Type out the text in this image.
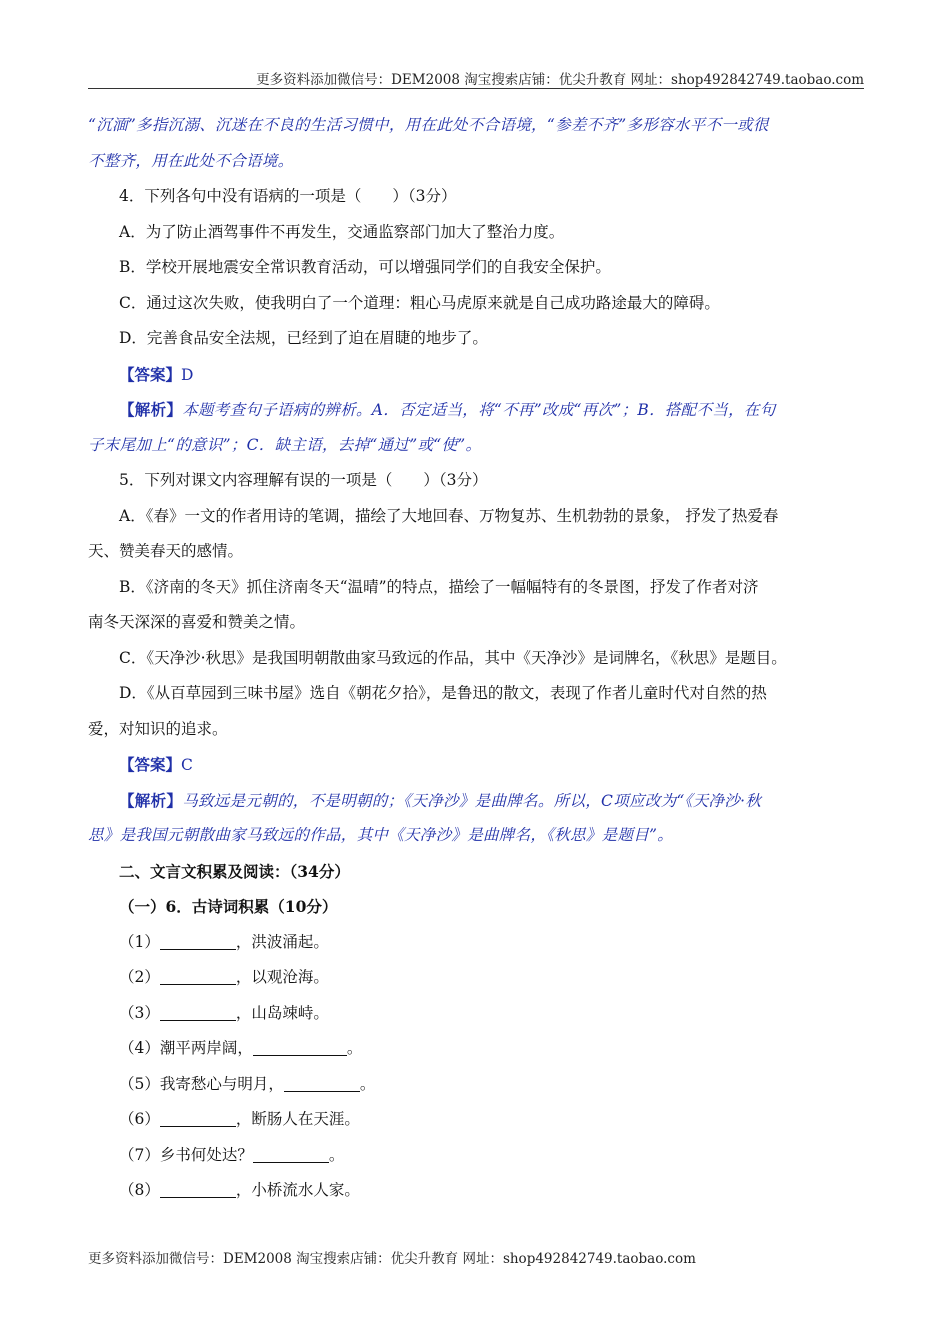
更多资料添加微信号：DEM2008 淘宝搜索店铺：优尖升教育 网址：shop492842749.taobao.com
“沉湎”多指沉溺、沉迷在不良的生活习惯中，用在此处不合语境，“参差不齐”多形容水平不一或很
不整齐，用在此处不合语境。
4．下列各句中没有语病的一项是（　　）（3分）
A．为了防止酒驾事件不再发生，交通监察部门加大了整治力度。
B．学校开展地震安全常识教育活动，可以增强同学们的自我安全保护。
C．通过这次失败，使我明白了一个道理：粗心马虎原来就是自己成功路途最大的障碍。
D．完善食品安全法规，已经到了迫在眉睫的地步了。
【答案】D
【解析】本题考查句子语病的辨析。A．否定适当，将“不再”改成“再次”；B．搭配不当，在句
子末尾加上“的意识”；C．缺主语，去掉“通过”或“使”。
5．下列对课文内容理解有误的一项是（　　）（3分）
A．《春》一文的作者用诗的笔调，描绘了大地回春、万物复苏、生机勃勃的景象， 抒发了热爱春
天、赞美春天的感情。
B．《济南的冬天》抓住济南冬天“温晴”的特点，描绘了一幅幅特有的冬景图，抒发了作者对济
南冬天深深的喜爱和赞美之情。
C．《天净沙·秋思》是我国明朝散曲家马致远的作品，其中《天净沙》是词牌名，《秋思》是题目。
D．《从百草园到三味书屋》选自《朝花夕拾》，是鲁迅的散文，表现了作者儿童时代对自然的热
爱，对知识的追求。
【答案】C
【解析】马致远是元朝的，不是明朝的；《天净沙》是曲牌名。所以，C项应改为“《天净沙·秋
思》是我国元朝散曲家马致远的作品，其中《天净沙》是曲牌名，《秋思》是题目”。
二、文言文积累及阅读：（34分）
（一）6．古诗词积累（10分）
（1）	，洪波涌起。
（2）	，以观沧海。
（3）	，山岛竦峙。
（4）潮平两岸阔，	。
（5）我寄愁心与明月，	。
（6）	，断肠人在天涯。
（7）乡书何处达？	。
（8）	，小桥流水人家。
更多资料添加微信号：DEM2008 淘宝搜索店铺：优尖升教育 网址：shop492842749.taobao.com
